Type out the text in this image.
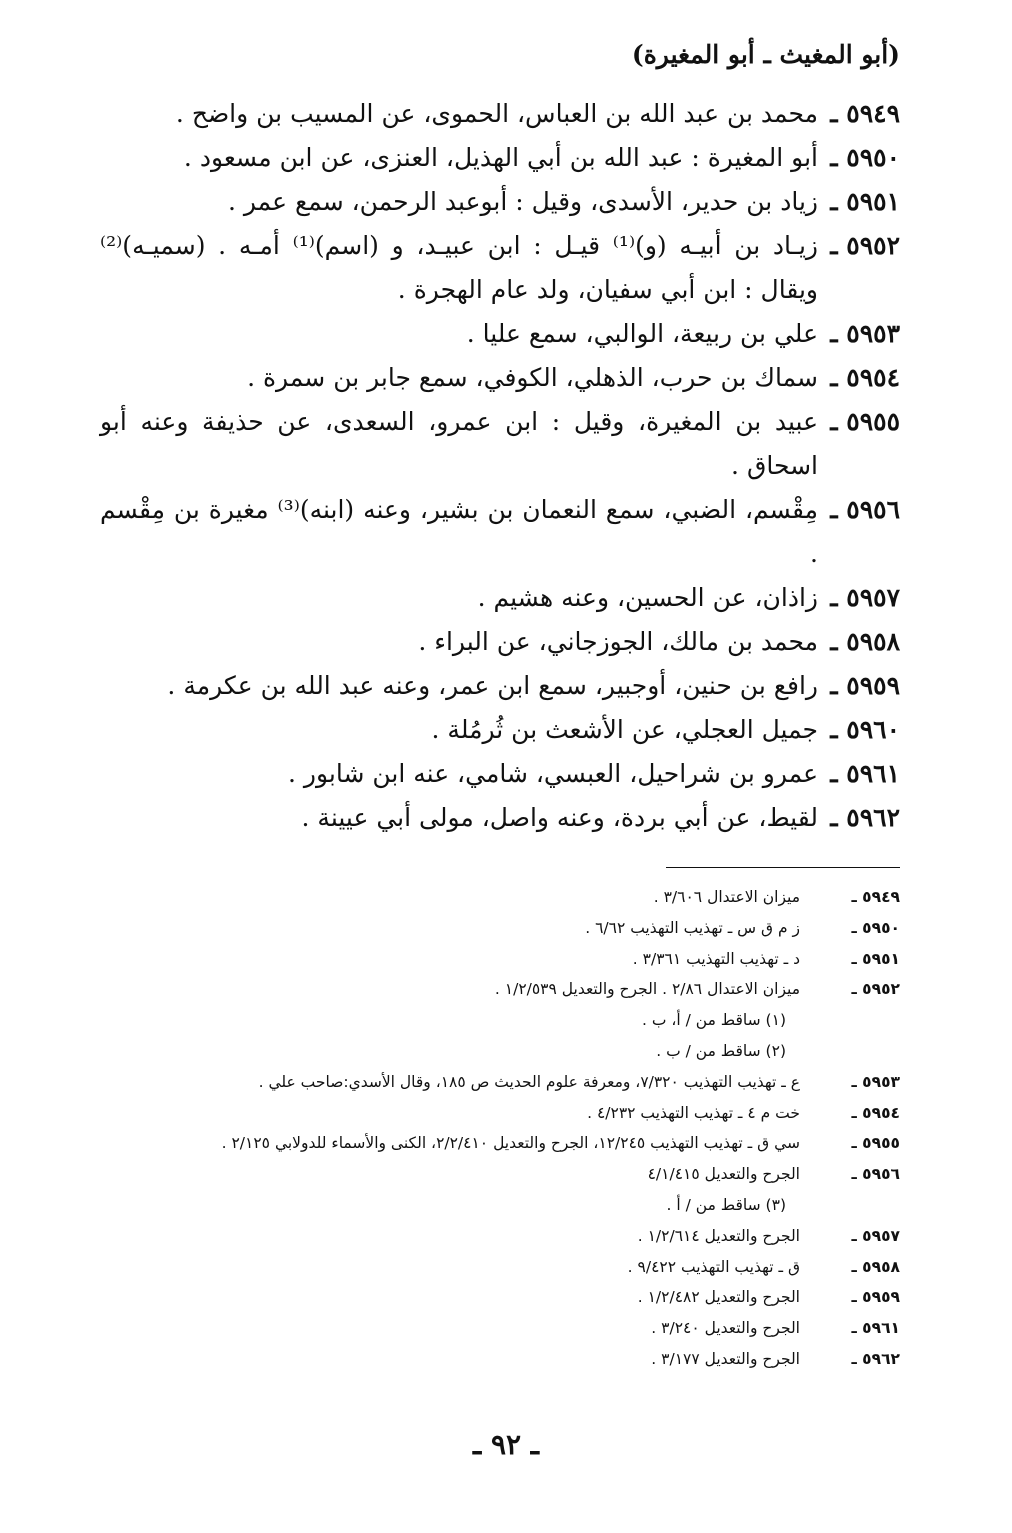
(أبو المغيث ـ أبو المغيرة)
٥٩٤٩ ـ
محمد بن عبد الله بن العباس، الحموى، عن المسيب بن واضح .
٥٩٥٠ ـ
أبو المغيرة : عبد الله بن أبي الهذيل، العنزى، عن ابن مسعود .
٥٩٥١ ـ
زياد بن حدير، الأسدى، وقيل : أبوعبد الرحمن، سمع عمر .
٥٩٥٢ ـ
زيـاد بن أبيـه (و)⁽¹⁾ قيـل : ابن عبيـد، و (اسم)⁽¹⁾ أمـه . (سميـه)⁽²⁾ ويقال : ابن أبي سفيان، ولد عام الهجرة .
٥٩٥٣ ـ
علي بن ربيعة، الوالبي، سمع عليا .
٥٩٥٤ ـ
سماك بن حرب، الذهلي، الكوفي، سمع جابر بن سمرة .
٥٩٥٥ ـ
عبيد بن المغيرة، وقيل : ابن عمرو، السعدى، عن حذيفة وعنه أبو اسحاق .
٥٩٥٦ ـ
مِقْسم، الضبي، سمع النعمان بن بشير، وعنه (ابنه)⁽³⁾ مغيرة بن مِقْسم .
٥٩٥٧ ـ
زاذان، عن الحسين، وعنه هشيم .
٥٩٥٨ ـ
محمد بن مالك، الجوزجاني، عن البراء .
٥٩٥٩ ـ
رافع بن حنين، أوجبير، سمع ابن عمر، وعنه عبد الله بن عكرمة .
٥٩٦٠ ـ
جميل العجلي، عن الأشعث بن ثُرمُلة .
٥٩٦١ ـ
عمرو بن شراحيل، العبسي، شامي، عنه ابن شابور .
٥٩٦٢ ـ
لقيط، عن أبي بردة، وعنه واصل، مولى أبي عيينة .
٥٩٤٩ ـ
ميزان الاعتدال ٣/٦٠٦ .
٥٩٥٠ ـ
ز م ق س ـ تهذيب التهذيب ٦/٦٢ .
٥٩٥١ ـ
د ـ تهذيب التهذيب ٣/٣٦١ .
٥٩٥٢ ـ
ميزان الاعتدال ٢/٨٦ . الجرح والتعديل ١/٢/٥٣٩ .
(١) ساقط من / أ، ب .
(٢) ساقط من / ب .
٥٩٥٣ ـ
ع ـ تهذيب التهذيب ٧/٣٢٠، ومعرفة علوم الحديث ص ١٨٥، وقال الأسدي:صاحب علي .
٥٩٥٤ ـ
خت م ٤ ـ تهذيب التهذيب ٤/٢٣٢ .
٥٩٥٥ ـ
سي ق ـ تهذيب التهذيب ١٢/٢٤٥، الجرح والتعديل ٢/٢/٤١٠، الكنى والأسماء للدولابي ٢/١٢٥ .
٥٩٥٦ ـ
الجرح والتعديل ٤/١/٤١٥
(٣) ساقط من / أ .
٥٩٥٧ ـ
الجرح والتعديل ١/٢/٦١٤ .
٥٩٥٨ ـ
ق ـ تهذيب التهذيب ٩/٤٢٢ .
٥٩٥٩ ـ
الجرح والتعديل ١/٢/٤٨٢ .
٥٩٦١ ـ
الجرح والتعديل ٣/٢٤٠ .
٥٩٦٢ ـ
الجرح والتعديل ٣/١٧٧ .
ـ ٩٢ ـ
